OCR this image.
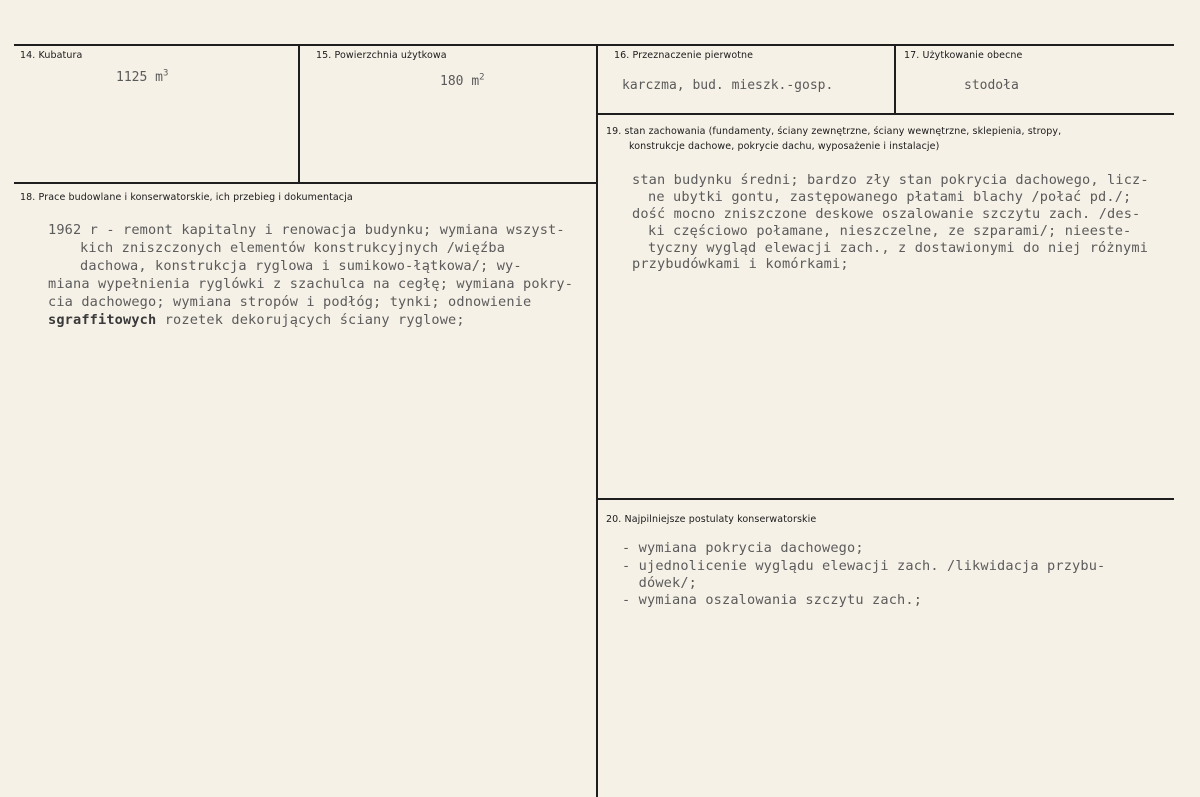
14. Kubatura
1125 $m^3$
15. Powierzchnia użytkowa
180 $m^2$
16. Przeznaczenie pierwotne
karczma, bud. mieszk.-gosp.
17. Użytkowanie obecne
stodoła
18. Prace budowlane i konserwatorskie, ich przebieg i dokumentacja
1962 r - remont kapitalny i renowacja budynku; wymiana wszyst-
kich zniszczonych elementów konstrukcyjnych /więźba
dachowa, konstrukcja ryglowa i sumikowo-łątkowa/; wy-
miana wypełnienia ryglówki z szachulca na cegłę; wymiana pokry-
cia dachowego; wymiana stropów i podłóg; tynki; odnowienie
sgraffitowych rozetek dekorujących ściany ryglowe;
19. stan zachowania (fundamenty, ściany zewnętrzne, ściany wewnętrzne, sklepienia, stropy,
konstrukcje dachowe, pokrycie dachu, wyposażenie i instalacje)
stan budynku średni; bardzo zły stan pokrycia dachowego, licz-
ne ubytki gontu, zastępowanego płatami blachy /połać pd./;
dość mocno zniszczone deskowe oszalowanie szczytu zach. /des-
ki częściowo połamane, nieszczelne, ze szparami/; nieeste-
tyczny wygląd elewacji zach., z dostawionymi do niej różnymi
przybudówkami i komórkami;
20. Najpilniejsze postulaty konserwatorskie
- wymiana pokrycia dachowego;
- ujednolicenie wyglądu elewacji zach. /likwidacja przybu-
dówek/;
- wymiana oszalowania szczytu zach.;
